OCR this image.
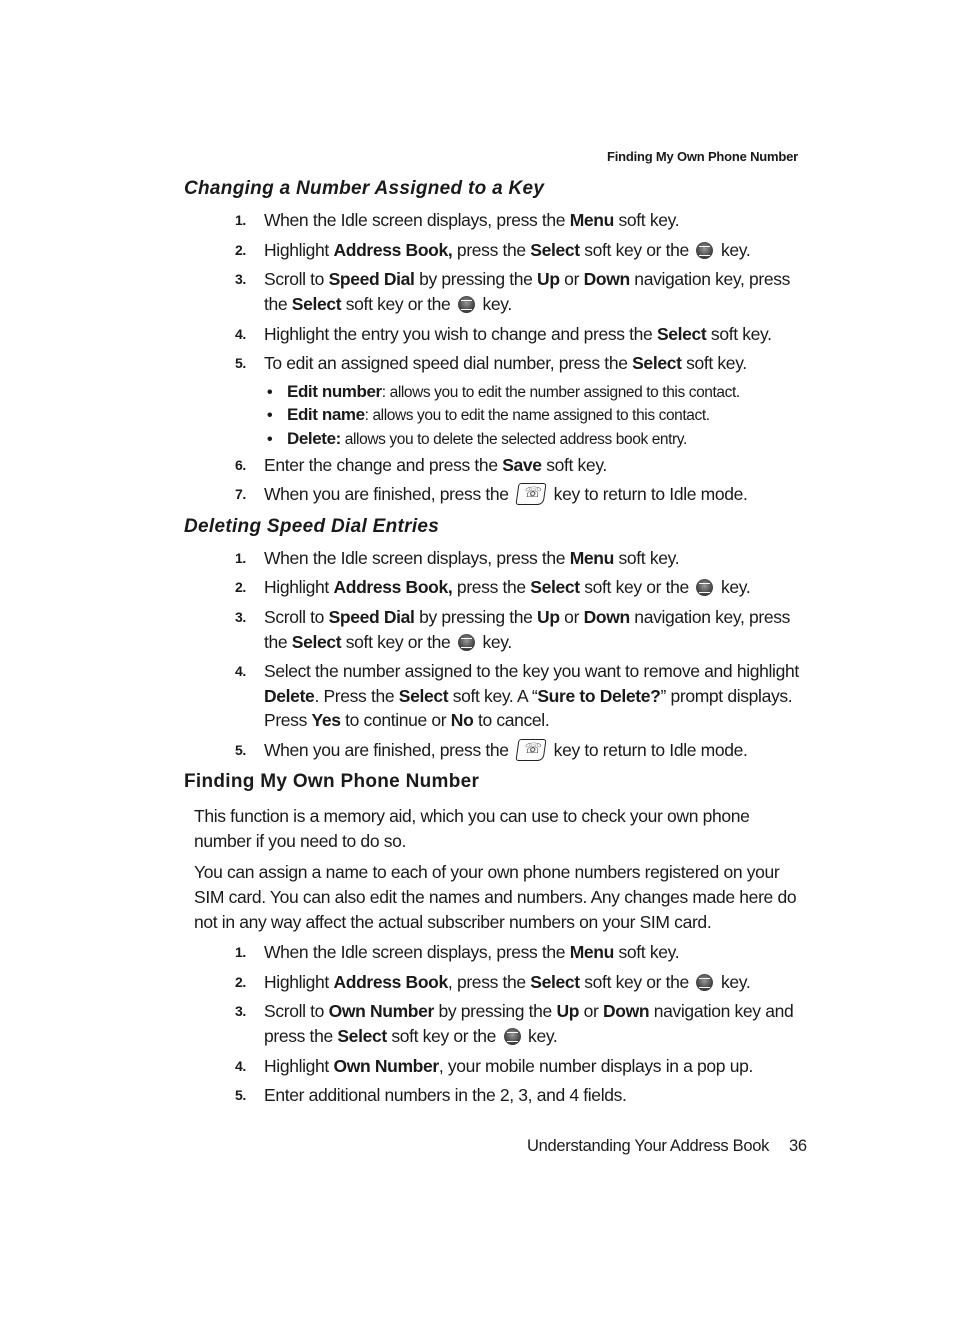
Finding My Own Phone Number
Changing a Number Assigned to a Key
1. When the Idle screen displays, press the Menu soft key.
2. Highlight Address Book, press the Select soft key or the  key.
3. Scroll to Speed Dial by pressing the Up or Down navigation key, press the Select soft key or the  key.
4. Highlight the entry you wish to change and press the Select soft key.
5. To edit an assigned speed dial number, press the Select soft key.
• Edit number: allows you to edit the number assigned to this contact.
• Edit name: allows you to edit the name assigned to this contact.
• Delete: allows you to delete the selected address book entry.
6. Enter the change and press the Save soft key.
7. When you are finished, press the ☏ key to return to Idle mode.
Deleting Speed Dial Entries
1. When the Idle screen displays, press the Menu soft key.
2. Highlight Address Book, press the Select soft key or the  key.
3. Scroll to Speed Dial by pressing the Up or Down navigation key, press the Select soft key or the  key.
4. Select the number assigned to the key you want to remove and highlight Delete. Press the Select soft key. A “Sure to Delete?” prompt displays. Press Yes to continue or No to cancel.
5. When you are finished, press the ☏ key to return to Idle mode.
Finding My Own Phone Number
This function is a memory aid, which you can use to check your own phone number if you need to do so.
You can assign a name to each of your own phone numbers registered on your SIM card. You can also edit the names and numbers. Any changes made here do not in any way affect the actual subscriber numbers on your SIM card.
1. When the Idle screen displays, press the Menu soft key.
2. Highlight Address Book, press the Select soft key or the  key.
3. Scroll to Own Number by pressing the Up or Down navigation key and press the Select soft key or the  key.
4. Highlight Own Number, your mobile number displays in a pop up.
5. Enter additional numbers in the 2, 3, and 4 fields.
Understanding Your Address Book 36
